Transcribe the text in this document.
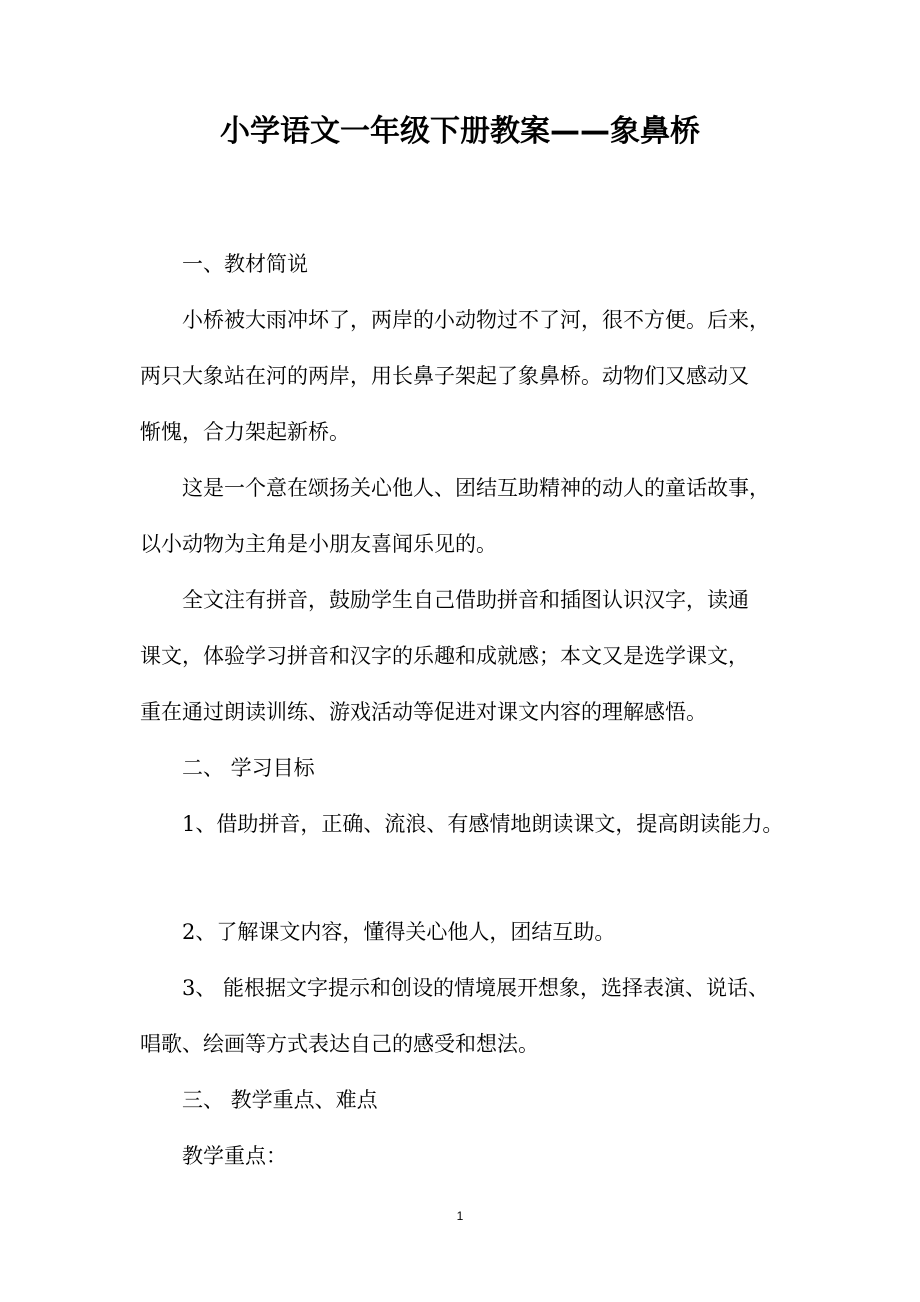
小学语文一年级下册教案——象鼻桥
一、教材简说
小桥被大雨冲坏了，两岸的小动物过不了河，很不方便。后来，
两只大象站在河的两岸，用长鼻子架起了象鼻桥。动物们又感动又
惭愧，合力架起新桥。
这是一个意在颂扬关心他人、团结互助精神的动人的童话故事，
以小动物为主角是小朋友喜闻乐见的。
全文注有拼音，鼓励学生自己借助拼音和插图认识汉字，读通
课文，体验学习拼音和汉字的乐趣和成就感；本文又是选学课文，
重在通过朗读训练、游戏活动等促进对课文内容的理解感悟。
二、 学习目标
1、借助拼音，正确、流浪、有感情地朗读课文，提高朗读能力。
2、了解课文内容，懂得关心他人，团结互助。
3、 能根据文字提示和创设的情境展开想象，选择表演、说话、
唱歌、绘画等方式表达自己的感受和想法。
三、 教学重点、难点
教学重点：
1
